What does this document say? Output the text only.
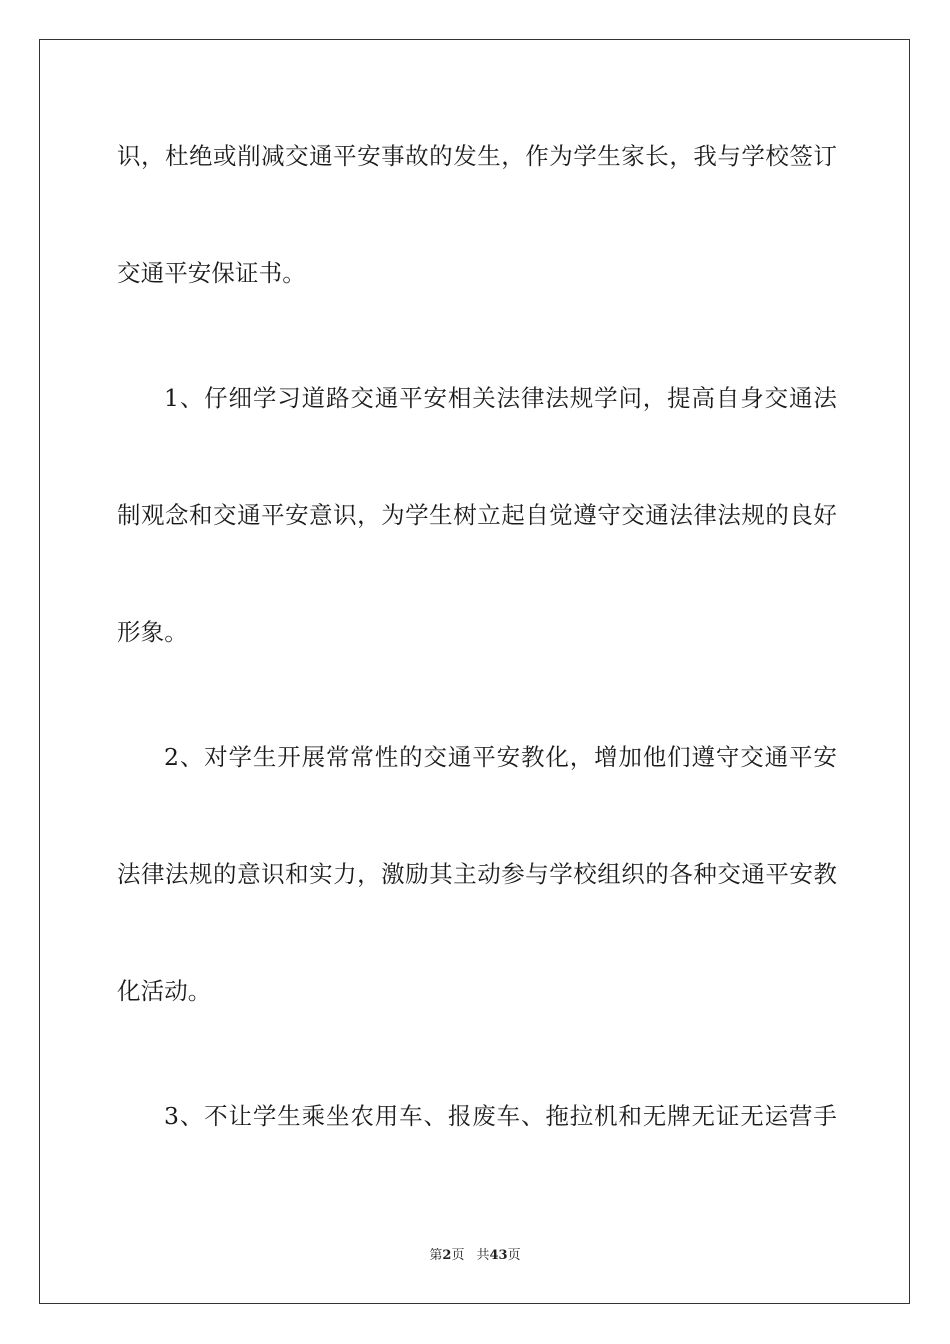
识，杜绝或削减交通平安事故的发生，作为学生家长，我与学校签订
交通平安保证书。
1、仔细学习道路交通平安相关法律法规学问，提高自身交通法
制观念和交通平安意识，为学生树立起自觉遵守交通法律法规的良好
形象。
2、对学生开展常常性的交通平安教化，增加他们遵守交通平安
法律法规的意识和实力，激励其主动参与学校组织的各种交通平安教
化活动。
3、不让学生乘坐农用车、报废车、拖拉机和无牌无证无运营手
第2页 共43页
